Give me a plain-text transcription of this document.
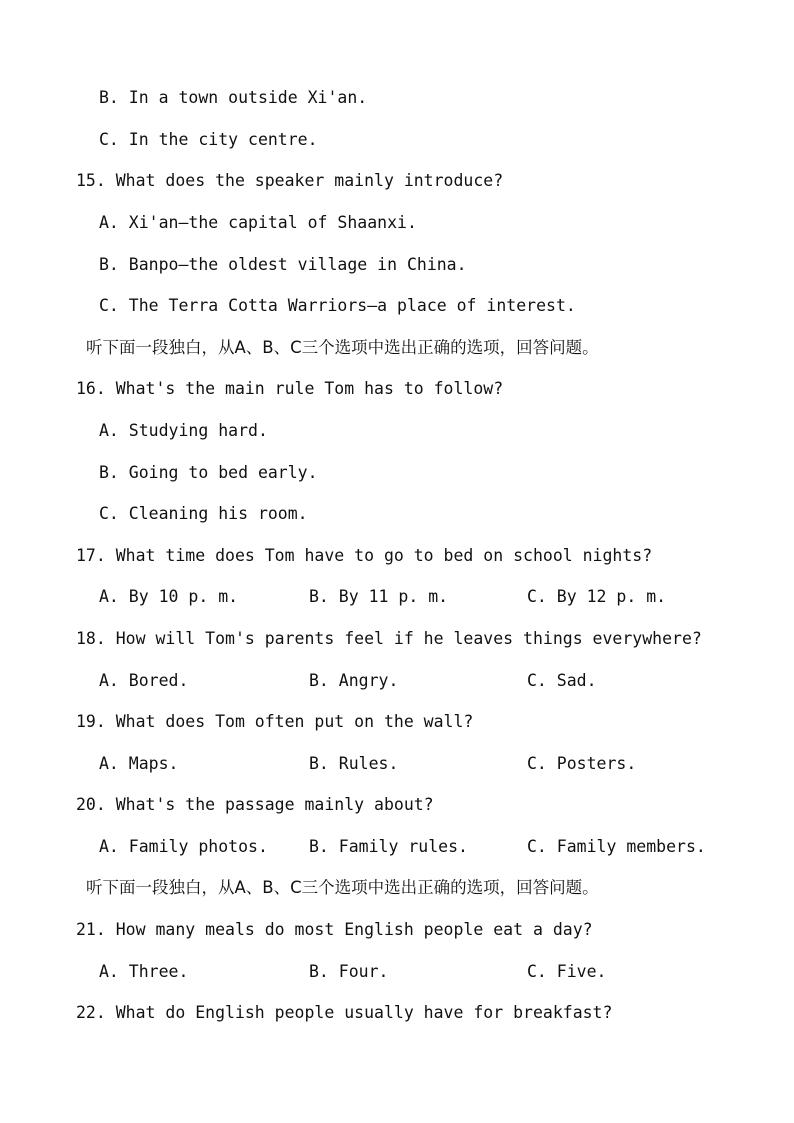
B. In a town outside Xi'an.
C. In the city centre.
15. What does the speaker mainly introduce?
A. Xi'an—the capital of Shaanxi.
B. Banpo—the oldest village in China.
C. The Terra Cotta Warriors—a place of interest.
听下面一段独白，从A、B、C三个选项中选出正确的选项，回答问题。
16. What's the main rule Tom has to follow?
A. Studying hard.
B. Going to bed early.
C. Cleaning his room.
17. What time does Tom have to go to bed on school nights?
A. By 10 p. m.	B. By 11 p. m.	C. By 12 p. m.
18. How will Tom's parents feel if he leaves things everywhere?
A. Bored.	B. Angry.	C. Sad.
19. What does Tom often put on the wall?
A. Maps.	B. Rules.	C. Posters.
20. What's the passage mainly about?
A. Family photos. B. Family rules.	C. Family members.
听下面一段独白，从A、B、C三个选项中选出正确的选项，回答问题。
21. How many meals do most English people eat a day?
A. Three.	B. Four.	C. Five.
22. What do English people usually have for breakfast?
